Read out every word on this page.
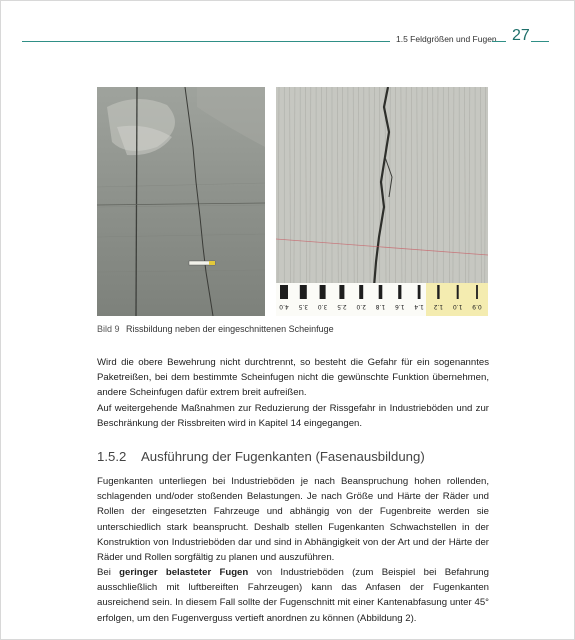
1.5 Feldgrößen und Fugen 27
4.0 3.5 3.0 2.5 2.0 1.8 1.6 1.4 1.2 1.0 0.9
Bild 9 Rissbildung neben der eingeschnittenen Scheinfuge
Wird die obere Bewehrung nicht durchtrennt, so besteht die Gefahr für ein sogenanntes Paketreißen, bei dem bestimmte Scheinfugen nicht die gewünschte Funktion übernehmen, andere Scheinfugen dafür extrem breit aufreißen.
Auf weitergehende Maßnahmen zur Reduzierung der Rissgefahr in Industrieböden und zur Beschränkung der Rissbreiten wird in Kapitel 14 eingegangen.
1.5.2 Ausführung der Fugenkanten (Fasenausbildung)
Fugenkanten unterliegen bei Industrieböden je nach Beanspruchung hohen rollenden, schlagenden und/oder stoßenden Belastungen. Je nach Größe und Härte der Räder und Rollen der eingesetzten Fahrzeuge und abhängig von der Fugenbreite werden sie unterschiedlich stark beansprucht. Deshalb stellen Fugenkanten Schwachstellen in der Konstruktion von Industrieböden dar und sind in Abhängigkeit von der Art und der Härte der Räder und Rollen sorgfältig zu planen und auszuführen.
Bei geringer belasteter Fugen von Industrieböden (zum Beispiel bei Befahrung ausschließlich mit luftbereiften Fahrzeugen) kann das Anfasen der Fugenkanten ausreichend sein. In diesem Fall sollte der Fugenschnitt mit einer Kantenabfasung unter 45° erfolgen, um den Fugenverguss vertieft anordnen zu können (Abbildung 2).
